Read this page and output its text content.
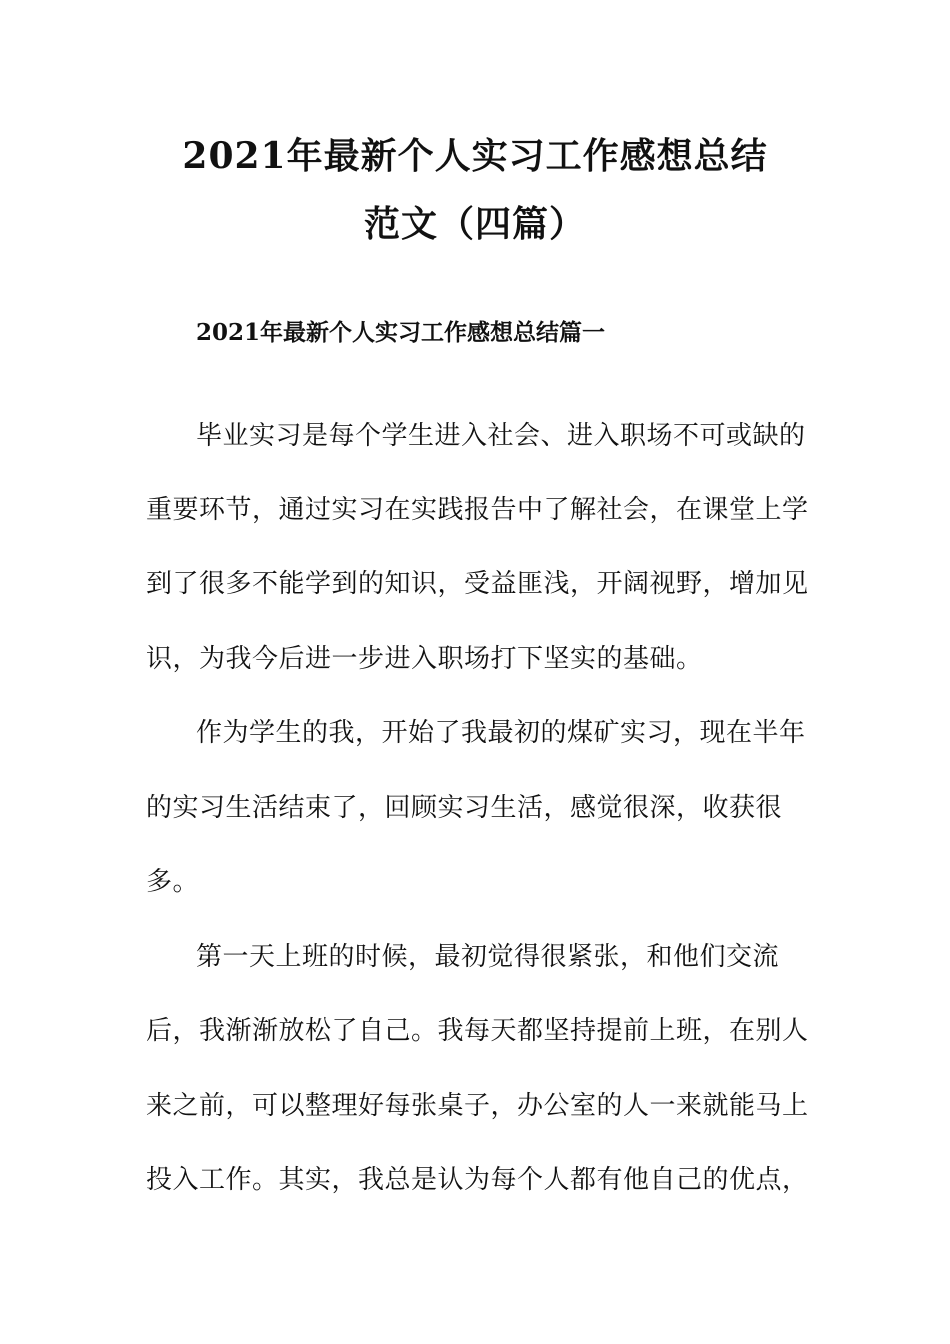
2021年最新个人实习工作感想总结
范文（四篇）
2021年最新个人实习工作感想总结篇一
毕业实习是每个学生进入社会、进入职场不可或缺的
重要环节，通过实习在实践报告中了解社会，在课堂上学
到了很多不能学到的知识，受益匪浅，开阔视野，增加见
识，为我今后进一步进入职场打下坚实的基础。
作为学生的我，开始了我最初的煤矿实习，现在半年
的实习生活结束了，回顾实习生活，感觉很深，收获很
多。
第一天上班的时候，最初觉得很紧张，和他们交流
后，我渐渐放松了自己。我每天都坚持提前上班，在别人
来之前，可以整理好每张桌子，办公室的人一来就能马上
投入工作。其实，我总是认为每个人都有他自己的优点，
